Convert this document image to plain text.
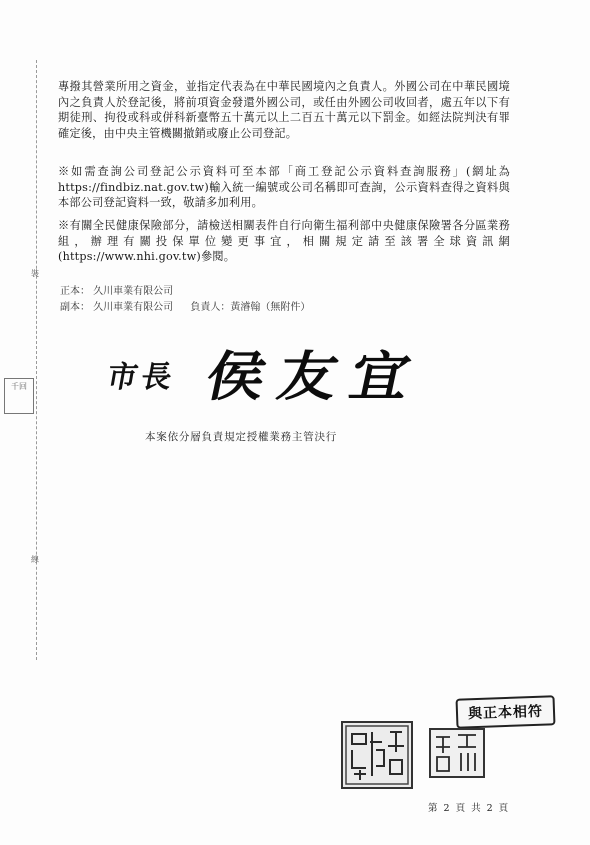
裝
線
千回

專撥其營業所用之資金，並指定代表為在中華民國境內之負責人。外國公司在中華民國境內之負責人於登記後，將前項資金發還外國公司，或任由外國公司收回者，處五年以下有期徒刑、拘役或科或併科新臺幣五十萬元以上二百五十萬元以下罰金。如經法院判決有罪確定後，由中央主管機關撤銷或廢止公司登記。

※如需查詢公司登記公示資料可至本部「商工登記公示資料查詢服務」(網址為https://findbiz.nat.gov.tw)輸入統一編號或公司名稱即可查詢，公示資料查得之資料與本部公司登記資料一致，敬請多加利用。

※有關全民健康保險部分，請檢送相關表件自行向衛生福利部中央健康保險署各分區業務組，辦理有關投保單位變更事宜，相關規定請至該署全球資訊網(https://www.nhi.gov.tw)參閱。

正本： 久川車業有限公司
副本： 久川車業有限公司 負責人：黃濬翰（無附件）
市長 侯友宜
本案依分層負責規定授權業務主管決行
與正本相符
第 2 頁 共 2 頁
